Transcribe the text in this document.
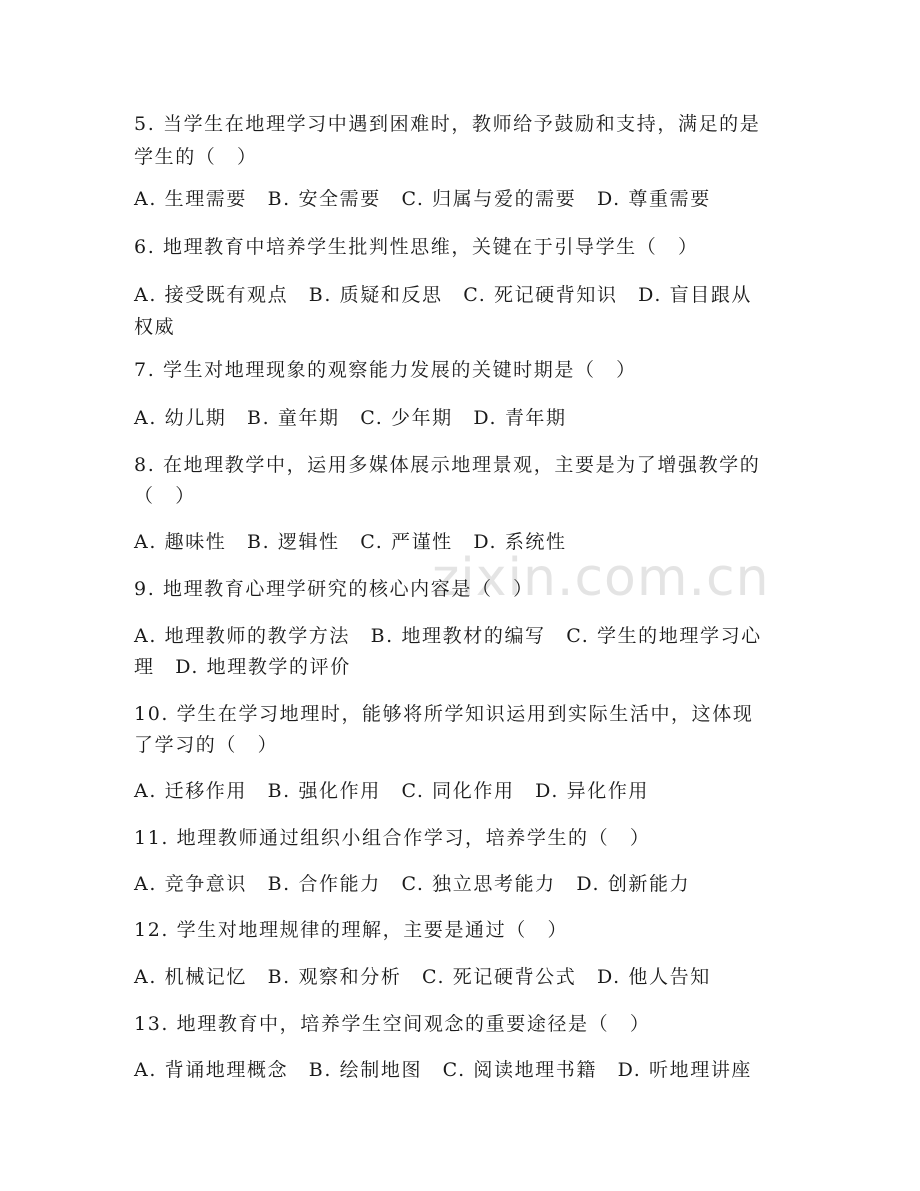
zixin.com.cn
5. 当学生在地理学习中遇到困难时，教师给予鼓励和支持，满足的是
学生的（　）
A. 生理需要　B. 安全需要　C. 归属与爱的需要　D. 尊重需要
6. 地理教育中培养学生批判性思维，关键在于引导学生（　）
A. 接受既有观点　B. 质疑和反思　C. 死记硬背知识　D. 盲目跟从
权威
7. 学生对地理现象的观察能力发展的关键时期是（　）
A. 幼儿期　B. 童年期　C. 少年期　D. 青年期
8. 在地理教学中，运用多媒体展示地理景观，主要是为了增强教学的
（　）
A. 趣味性　B. 逻辑性　C. 严谨性　D. 系统性
9. 地理教育心理学研究的核心内容是（　）
A. 地理教师的教学方法　B. 地理教材的编写　C. 学生的地理学习心
理　D. 地理教学的评价
10. 学生在学习地理时，能够将所学知识运用到实际生活中，这体现
了学习的（　）
A. 迁移作用　B. 强化作用　C. 同化作用　D. 异化作用
11. 地理教师通过组织小组合作学习，培养学生的（　）
A. 竞争意识　B. 合作能力　C. 独立思考能力　D. 创新能力
12. 学生对地理规律的理解，主要是通过（　）
A. 机械记忆　B. 观察和分析　C. 死记硬背公式　D. 他人告知
13. 地理教育中，培养学生空间观念的重要途径是（　）
A. 背诵地理概念　B. 绘制地图　C. 阅读地理书籍　D. 听地理讲座
